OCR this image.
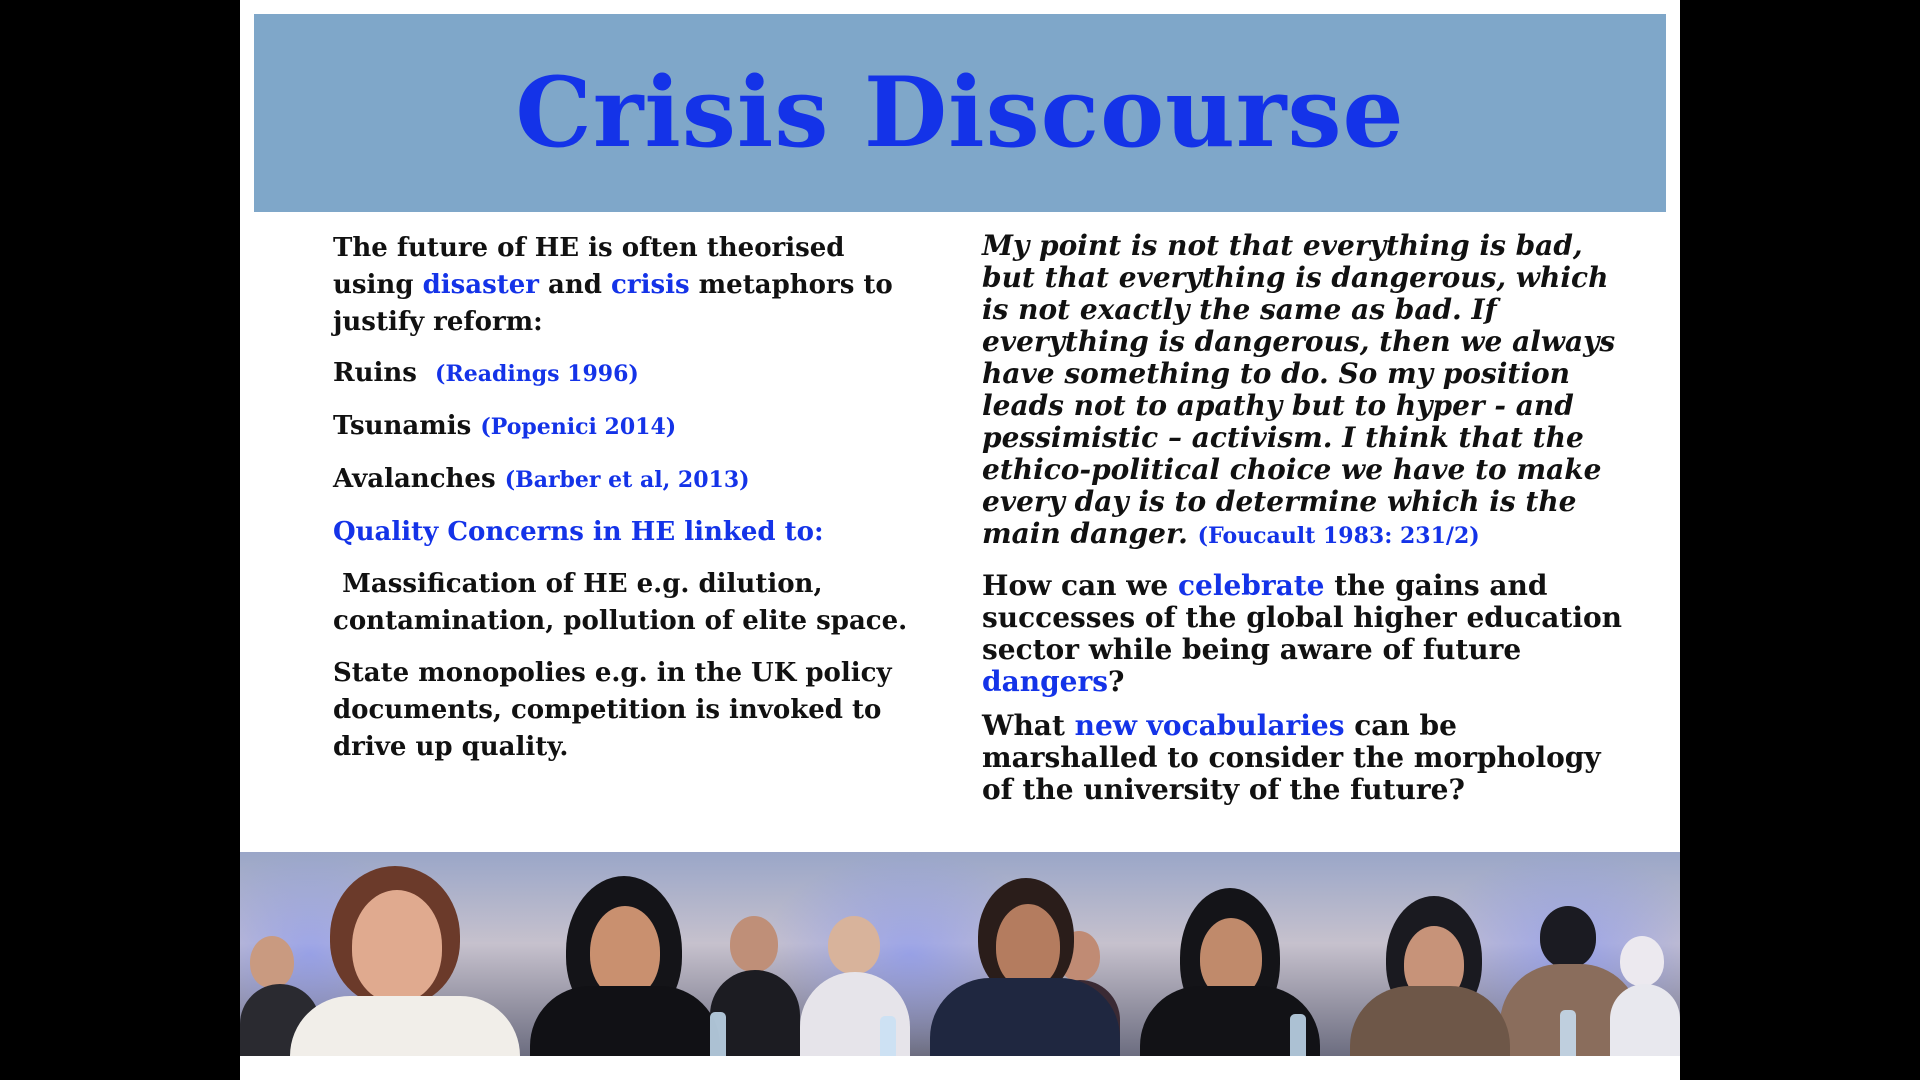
Crisis Discourse

The future of HE is often theorised using disaster and crisis metaphors to justify reform:

Ruins (Readings 1996)

Tsunamis (Popenici 2014)

Avalanches (Barber et al, 2013)

Quality Concerns in HE linked to:

Massification of HE e.g. dilution, contamination, pollution of elite space.

State monopolies e.g. in the UK policy documents, competition is invoked to drive up quality.

My point is not that everything is bad, but that everything is dangerous, which is not exactly the same as bad. If everything is dangerous, then we always have something to do. So my position leads not to apathy but to hyper - and pessimistic – activism. I think that the ethico-political choice we have to make every day is to determine which is the main danger. (Foucault 1983: 231/2)

How can we celebrate the gains and successes of the global higher education sector while being aware of future dangers?

What new vocabularies can be marshalled to consider the morphology of the university of the future?
